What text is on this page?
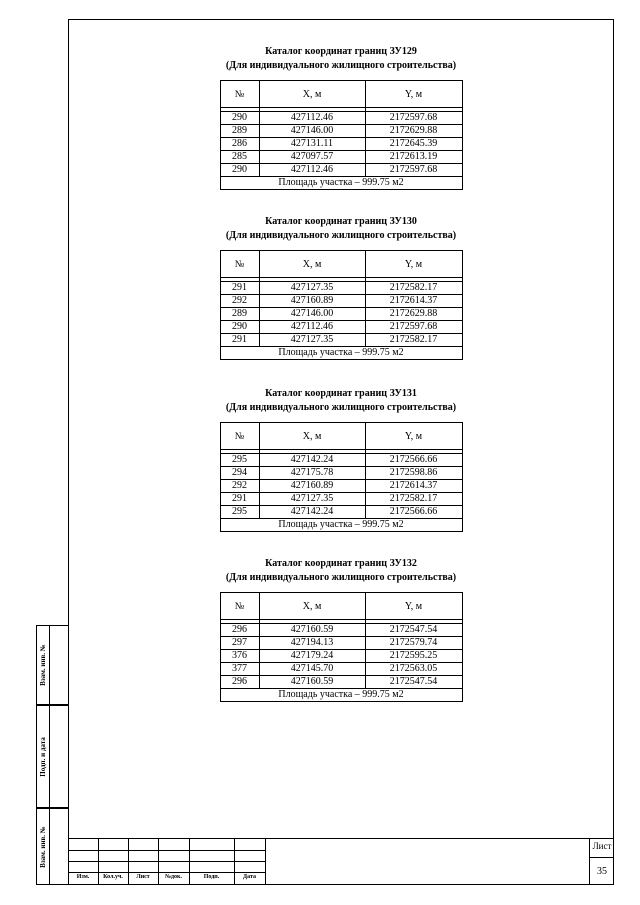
Взам. инв. №
Подп. и дата
Взам. инв. №
Каталог координат границ ЗУ129
(Для индивидуального жилищного строительства)
№	X, м	Y, м

290	427112.46	2172597.68
289	427146.00	2172629.88
286	427131.11	2172645.39
285	427097.57	2172613.19
290	427112.46	2172597.68
Площадь участка – 999.75 м2		
Каталог координат границ ЗУ130
(Для индивидуального жилищного строительства)
№	X, м	Y, м

291	427127.35	2172582.17
292	427160.89	2172614.37
289	427146.00	2172629.88
290	427112.46	2172597.68
291	427127.35	2172582.17
Площадь участка – 999.75 м2		
Каталог координат границ ЗУ131
(Для индивидуального жилищного строительства)
№	X, м	Y, м

295	427142.24	2172566.66
294	427175.78	2172598.86
292	427160.89	2172614.37
291	427127.35	2172582.17
295	427142.24	2172566.66
Площадь участка – 999.75 м2		
Каталог координат границ ЗУ132
(Для индивидуального жилищного строительства)
№	X, м	Y, м

296	427160.59	2172547.54
297	427194.13	2172579.74
376	427179.24	2172595.25
377	427145.70	2172563.05
296	427160.59	2172547.54
Площадь участка – 999.75 м2		
Изм.	Кол.уч.	Лист	№док.	Подп.	Дата
Лист
35
